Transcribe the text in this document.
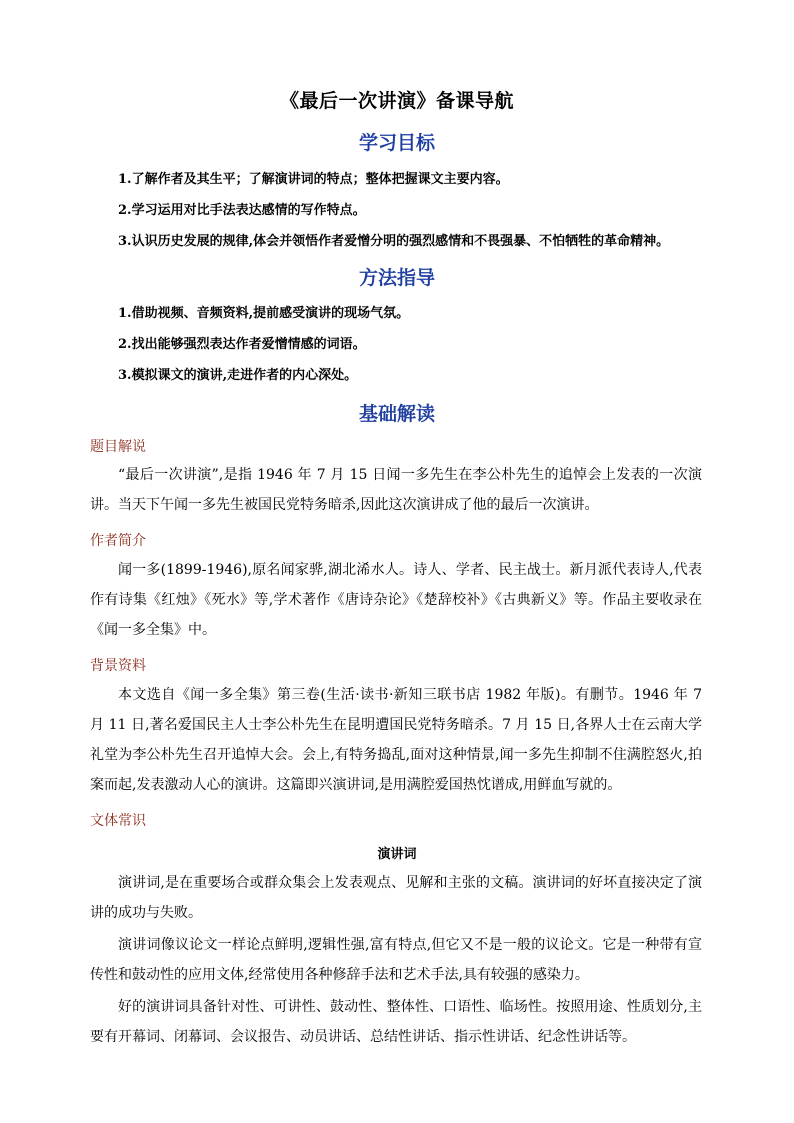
《最后一次讲演》备课导航
学习目标
1.了解作者及其生平；了解演讲词的特点；整体把握课文主要内容。
2.学习运用对比手法表达感情的写作特点。
3.认识历史发展的规律,体会并领悟作者爱憎分明的强烈感情和不畏强暴、不怕牺牲的革命精神。
方法指导
1.借助视频、音频资料,提前感受演讲的现场气氛。
2.找出能够强烈表达作者爱憎情感的词语。
3.模拟课文的演讲,走进作者的内心深处。
基础解读
题目解说
“最后一次讲演”,是指 1946 年 7 月 15 日闻一多先生在李公朴先生的追悼会上发表的一次演讲。当天下午闻一多先生被国民党特务暗杀,因此这次演讲成了他的最后一次演讲。
作者简介
闻一多(1899-1946),原名闻家骅,湖北浠水人。诗人、学者、民主战士。新月派代表诗人,代表作有诗集《红烛》《死水》等,学术著作《唐诗杂论》《楚辞校补》《古典新义》等。作品主要收录在《闻一多全集》中。
背景资料
本文选自《闻一多全集》第三卷(生活·读书·新知三联书店 1982 年版)。有删节。1946 年 7 月 11 日,著名爱国民主人士李公朴先生在昆明遭国民党特务暗杀。7 月 15 日,各界人士在云南大学礼堂为李公朴先生召开追悼大会。会上,有特务捣乱,面对这种情景,闻一多先生抑制不住满腔怒火,拍案而起,发表激动人心的演讲。这篇即兴演讲词,是用满腔爱国热忱谱成,用鲜血写就的。
文体常识
演讲词
演讲词,是在重要场合或群众集会上发表观点、见解和主张的文稿。演讲词的好坏直接决定了演讲的成功与失败。
演讲词像议论文一样论点鲜明,逻辑性强,富有特点,但它又不是一般的议论文。它是一种带有宣传性和鼓动性的应用文体,经常使用各种修辞手法和艺术手法,具有较强的感染力。
好的演讲词具备针对性、可讲性、鼓动性、整体性、口语性、临场性。按照用途、性质划分,主要有开幕词、闭幕词、会议报告、动员讲话、总结性讲话、指示性讲话、纪念性讲话等。
